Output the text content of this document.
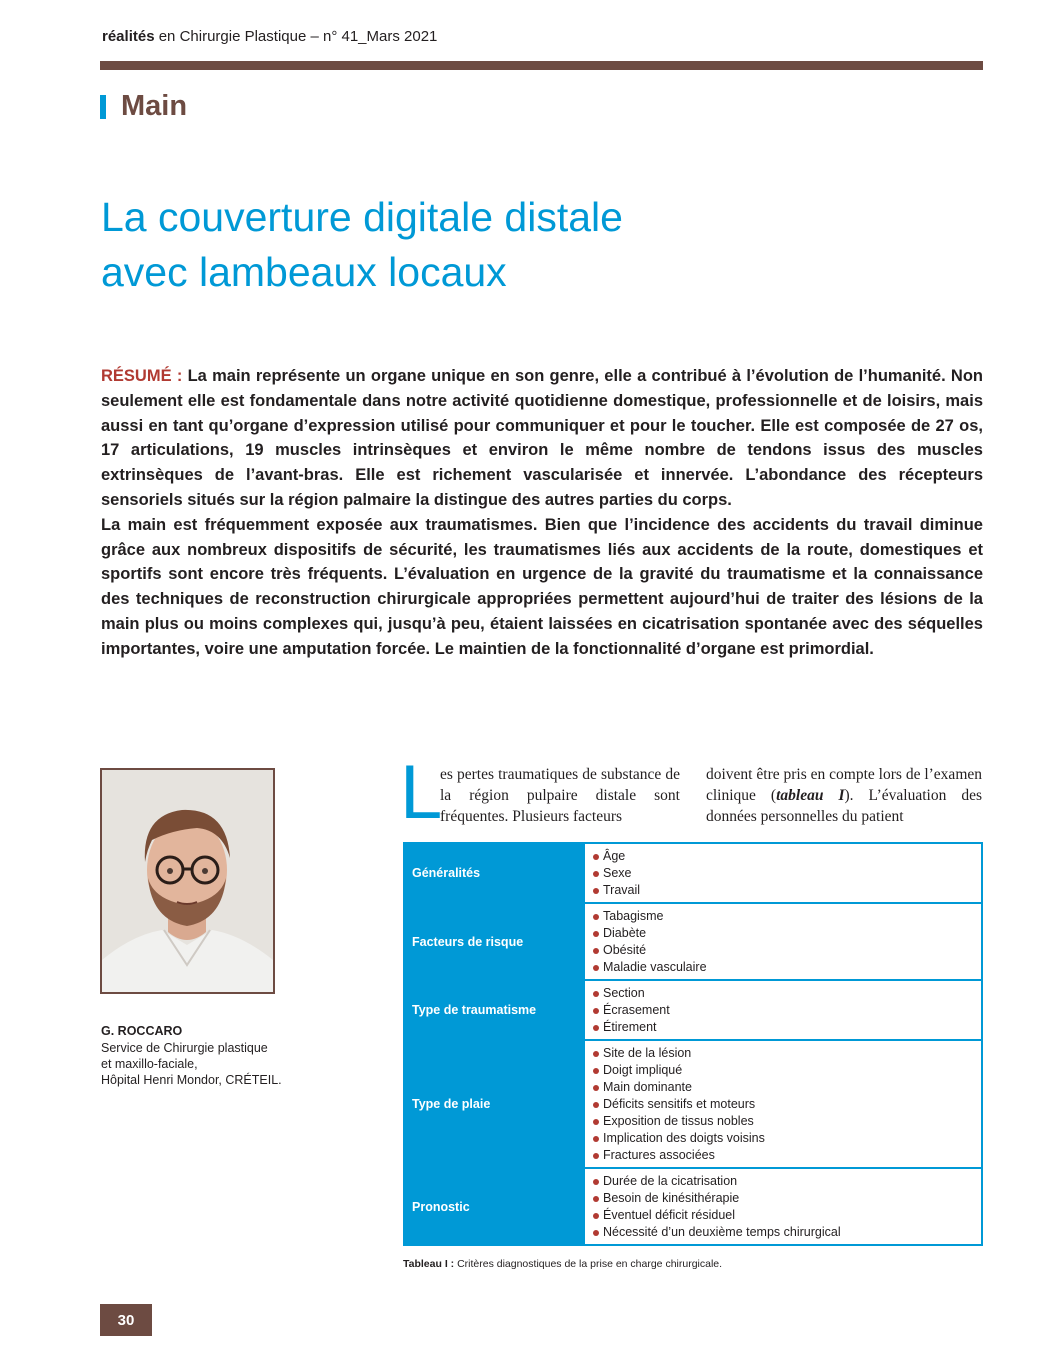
réalités en Chirurgie Plastique – n° 41_Mars 2021
Main
La couverture digitale distale
avec lambeaux locaux

RÉSUMÉ : La main représente un organe unique en son genre, elle a contribué à l’évolution de l’humanité. Non seulement elle est fondamentale dans notre activité quotidienne domestique, professionnelle et de loisirs, mais aussi en tant qu’organe d’expression utilisé pour communiquer et pour le toucher. Elle est composée de 27 os, 17 articulations, 19 muscles intrinsèques et environ le même nombre de tendons issus des muscles extrinsèques de l’avant-bras. Elle est richement vascularisée et innervée. L’abondance des récepteurs sensoriels situés sur la région palmaire la distingue des autres parties du corps.

La main est fréquemment exposée aux traumatismes. Bien que l’incidence des accidents du travail diminue grâce aux nombreux dispositifs de sécurité, les traumatismes liés aux accidents de la route, domestiques et sportifs sont encore très fréquents. L’évaluation en urgence de la gravité du traumatisme et la connaissance des techniques de reconstruction chirurgicale appropriées permettent aujourd’hui de traiter des lésions de la main plus ou moins complexes qui, jusqu’à peu, étaient laissées en cicatrisation spontanée avec des séquelles importantes, voire une amputation forcée. Le maintien de la fonctionnalité d’organe est primordial.

G. ROCCARO
Service de Chirurgie plastique
et maxillo-faciale,
Hôpital Henri Mondor, CRÉTEIL.
L

es pertes traumatiques de substance de la région pulpaire distale sont fréquentes. Plusieurs facteurs

doivent être pris en compte lors de l’examen clinique (tableau I). L’évaluation des données personnelles du patient

Généralités
Âge
Sexe
Travail
Facteurs de risque
Tabagisme
Diabète
Obésité
Maladie vasculaire
Type de traumatisme
Section
Écrasement
Étirement
Type de plaie
Site de la lésion
Doigt impliqué
Main dominante
Déficits sensitifs et moteurs
Exposition de tissus nobles
Implication des doigts voisins
Fractures associées
Pronostic
Durée de la cicatrisation
Besoin de kinésithérapie
Éventuel déficit résiduel
Nécessité d’un deuxième temps chirurgical
Tableau I : Critères diagnostiques de la prise en charge chirurgicale.
30
